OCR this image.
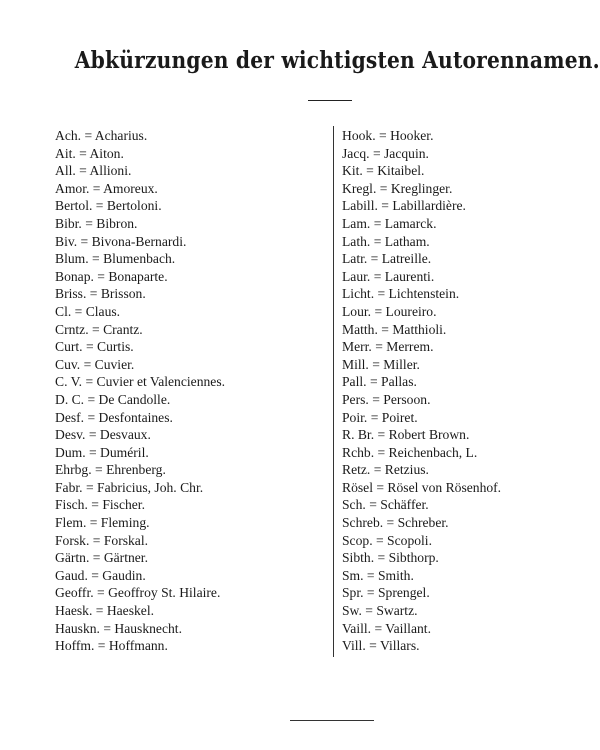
Abkürzungen der wichtigsten Autorennamen.
Ach. = Acharius.
Ait. = Aiton.
All. = Allioni.
Amor. = Amoreux.
Bertol. = Bertoloni.
Bibr. = Bibron.
Biv. = Bivona-Bernardi.
Blum. = Blumenbach.
Bonap. = Bonaparte.
Briss. = Brisson.
Cl. = Claus.
Crntz. = Crantz.
Curt. = Curtis.
Cuv. = Cuvier.
C. V. = Cuvier et Valenciennes.
D. C. = De Candolle.
Desf. = Desfontaines.
Desv. = Desvaux.
Dum. = Duméril.
Ehrbg. = Ehrenberg.
Fabr. = Fabricius, Joh. Chr.
Fisch. = Fischer.
Flem. = Fleming.
Forsk. = Forskal.
Gärtn. = Gärtner.
Gaud. = Gaudin.
Geoffr. = Geoffroy St. Hilaire.
Haesk. = Haeskel.
Hauskn. = Hausknecht.
Hoffm. = Hoffmann.
Hook. = Hooker.
Jacq. = Jacquin.
Kit. = Kitaibel.
Kregl. = Kreglinger.
Labill. = Labillardière.
Lam. = Lamarck.
Lath. = Latham.
Latr. = Latreille.
Laur. = Laurenti.
Licht. = Lichtenstein.
Lour. = Loureiro.
Matth. = Matthioli.
Merr. = Merrem.
Mill. = Miller.
Pall. = Pallas.
Pers. = Persoon.
Poir. = Poiret.
R. Br. = Robert Brown.
Rchb. = Reichenbach, L.
Retz. = Retzius.
Rösel = Rösel von Rösenhof.
Sch. = Schäffer.
Schreb. = Schreber.
Scop. = Scopoli.
Sibth. = Sibthorp.
Sm. = Smith.
Spr. = Sprengel.
Sw. = Swartz.
Vaill. = Vaillant.
Vill. = Villars.
